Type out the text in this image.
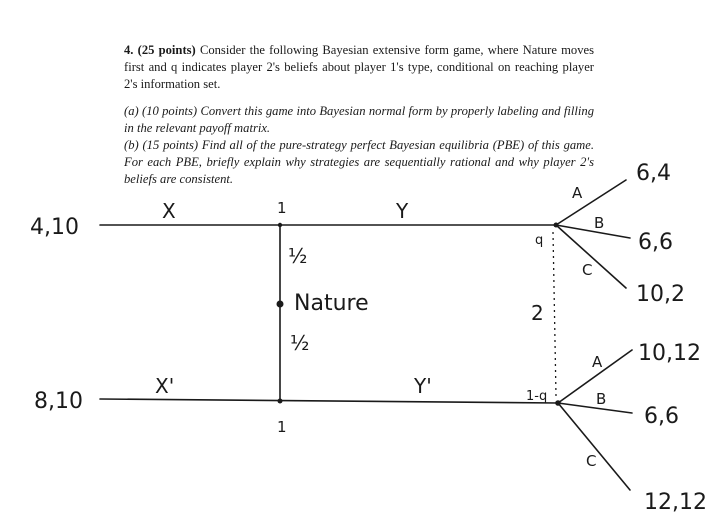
4. (25 points) Consider the following Bayesian extensive form game, where Nature moves first and q indicates player 2's beliefs about player 1's type, conditional on reaching player 2's information set.

(a) (10 points) Convert this game into Bayesian normal form by properly labeling and filling in the relevant payoff matrix.

(b) (15 points) Find all of the pure-strategy perfect Bayesian equilibria (PBE) of this game. For each PBE, briefly explain why strategies are sequentially rational and why player 2's beliefs are consistent.

4,10
8,10
X
X'
Y
Y'
1
1
½
½
Nature	2
q
1-q
A
B
C
6,4
6,6
10,2
A
B
C
10,12
6,6
12,12
